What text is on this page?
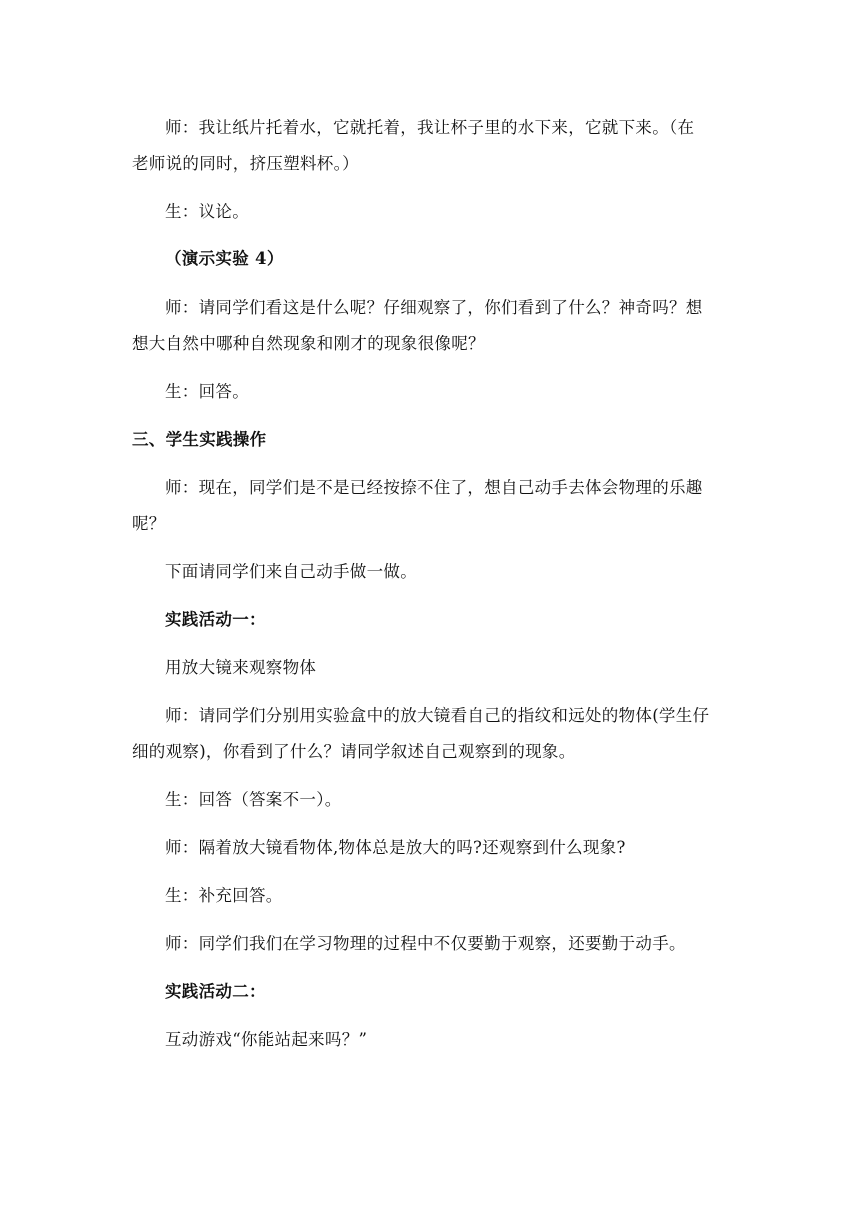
师：我让纸片托着水，它就托着，我让杯子里的水下来，它就下来。（在
老师说的同时，挤压塑料杯。）
生：议论。
（演示实验 4）
师：请同学们看这是什么呢？仔细观察了，你们看到了什么？神奇吗？想
想大自然中哪种自然现象和刚才的现象很像呢？
生：回答。
三、学生实践操作
师：现在，同学们是不是已经按捺不住了，想自己动手去体会物理的乐趣
呢？
下面请同学们来自己动手做一做。
实践活动一：
用放大镜来观察物体
师：请同学们分别用实验盒中的放大镜看自己的指纹和远处的物体(学生仔
细的观察)，你看到了什么？请同学叙述自己观察到的现象。
生：回答（答案不一）。
师：隔着放大镜看物体,物体总是放大的吗?还观察到什么现象?
生：补充回答。
师：同学们我们在学习物理的过程中不仅要勤于观察，还要勤于动手。
实践活动二：
互动游戏“你能站起来吗？”
